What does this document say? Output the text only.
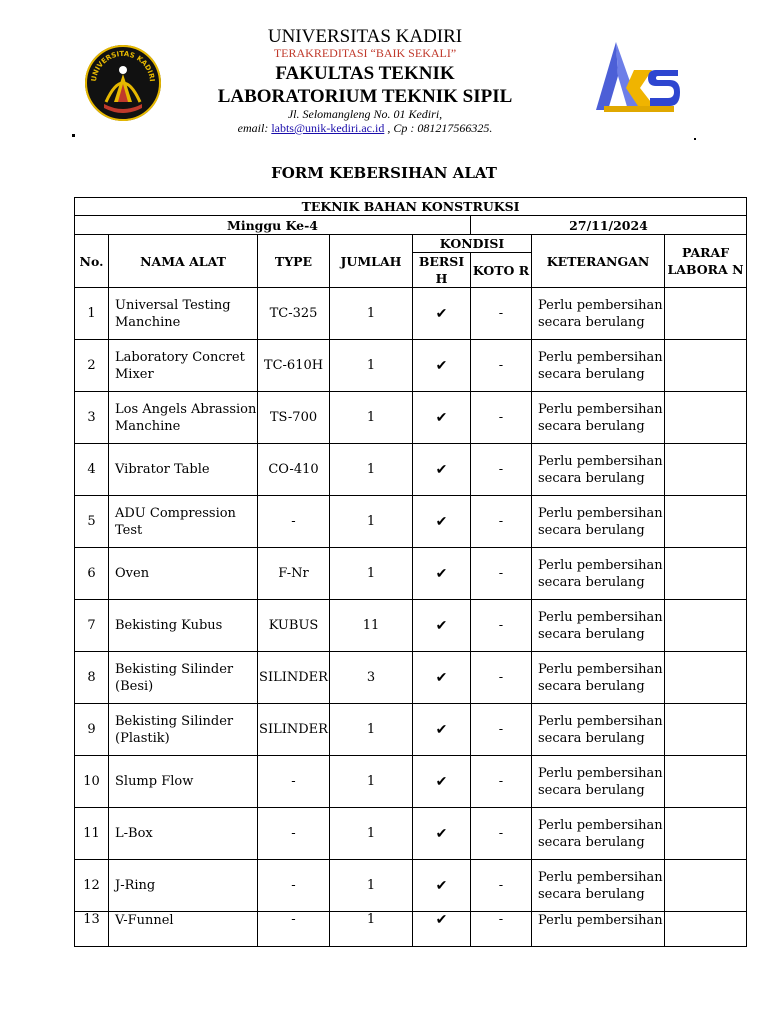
UNIVERSITAS KADIRI
UNIVERSITAS KADIRI
TERAKREDITASI “BAIK SEKALI”
FAKULTAS TEKNIK
LABORATORIUM TEKNIK SIPIL
Jl. Selomangleng No. 01 Kediri,
email: labts@unik-kediri.ac.id , Cp : 081217566325.
FORM KEBERSIHAN ALAT
TEKNIK BAHAN KONSTRUKSI							
Minggu Ke-4					27/11/2024		
No.	NAMA ALAT	TYPE	JUMLAH	KONDISI		KETERANGAN	PARAF LABORA N
				BERSI H	KOTO R		
1	Universal Testing Manchine	TC-325	1	✔	-	Perlu pembersihan secara berulang	
2	Laboratory Concret Mixer	TC-610H	1	✔	-	Perlu pembersihan secara berulang	
3	Los Angels Abrassion Manchine	TS-700	1	✔	-	Perlu pembersihan secara berulang	
4	Vibrator Table	CO-410	1	✔	-	Perlu pembersihan secara berulang	
5	ADU Compression Test	-	1	✔	-	Perlu pembersihan secara berulang	
6	Oven	F-Nr	1	✔	-	Perlu pembersihan secara berulang	
7	Bekisting Kubus	KUBUS	11	✔	-	Perlu pembersihan secara berulang	
8	Bekisting Silinder (Besi)	SILINDER	3	✔	-	Perlu pembersihan secara berulang	
9	Bekisting Silinder (Plastik)	SILINDER	1	✔	-	Perlu pembersihan secara berulang	
10	Slump Flow	-	1	✔	-	Perlu pembersihan secara berulang	
11	L-Box	-	1	✔	-	Perlu pembersihan secara berulang	
12	J-Ring	-	1	✔	-	Perlu pembersihan secara berulang	
13	V-Funnel	-	1	✔	-	Perlu pembersihan	
